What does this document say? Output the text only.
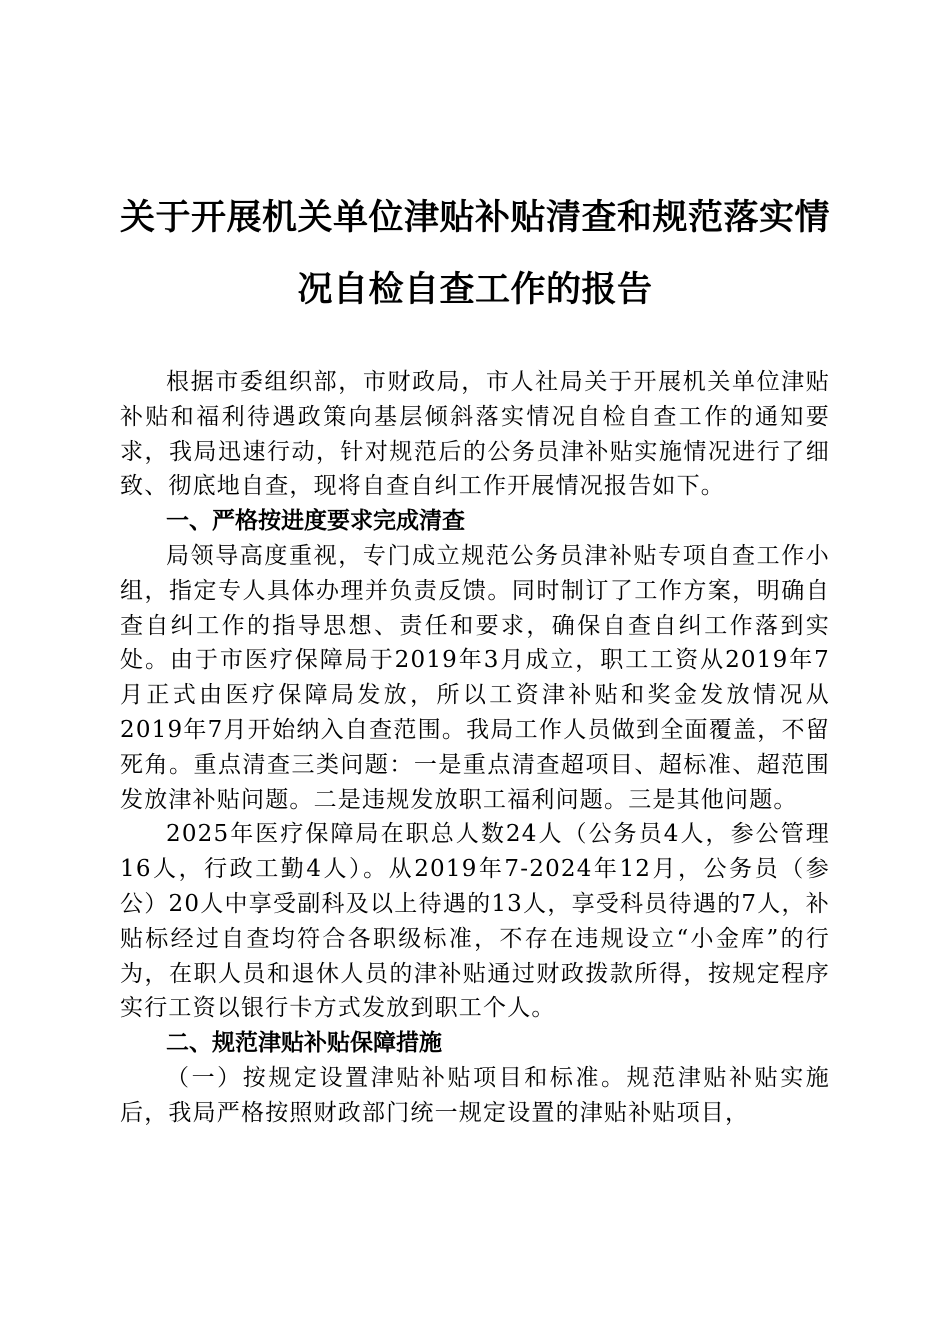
关于开展机关单位津贴补贴清查和规范落实情
况自检自查工作的报告

根据市委组织部，市财政局，市人社局关于开展机关单位津贴补贴和福利待遇政策向基层倾斜落实情况自检自查工作的通知要求，我局迅速行动，针对规范后的公务员津补贴实施情况进行了细致、彻底地自查，现将自查自纠工作开展情况报告如下。

一、严格按进度要求完成清查

局领导高度重视，专门成立规范公务员津补贴专项自查工作小组，指定专人具体办理并负责反馈。同时制订了工作方案，明确自查自纠工作的指导思想、责任和要求，确保自查自纠工作落到实处。由于市医疗保障局于2019年3月成立，职工工资从2019年7月正式由医疗保障局发放，所以工资津补贴和奖金发放情况从2019年7月开始纳入自查范围。我局工作人员做到全面覆盖，不留死角。重点清查三类问题：一是重点清查超项目、超标准、超范围发放津补贴问题。二是违规发放职工福利问题。三是其他问题。

2025年医疗保障局在职总人数24人（公务员4人，参公管理16人，行政工勤4人）。从2019年7-2024年12月，公务员（参公）20人中享受副科及以上待遇的13人，享受科员待遇的7人，补贴标经过自查均符合各职级标准，不存在违规设立“小金库”的行为，在职人员和退休人员的津补贴通过财政拨款所得，按规定程序实行工资以银行卡方式发放到职工个人。

二、规范津贴补贴保障措施

（一）按规定设置津贴补贴项目和标准。规范津贴补贴实施后，我局严格按照财政部门统一规定设置的津贴补贴项目，
